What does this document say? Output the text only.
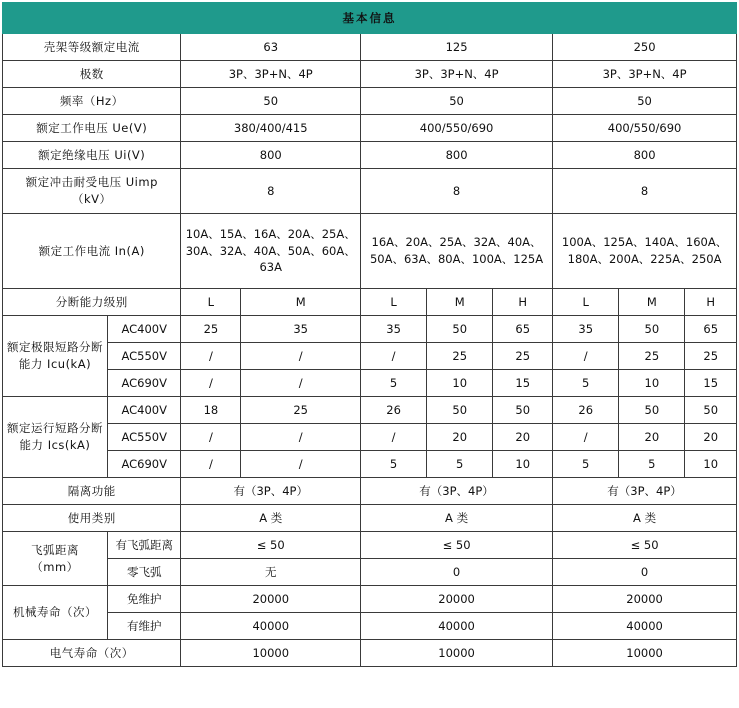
基本信息									
壳架等级额定电流		63		125			250		
极数		3P、3P+N、4P		3P、3P+N、4P			3P、3P+N、4P		
频率（Hz）		50		50			50		
额定工作电压 Ue(V)		380/400/415		400/550/690			400/550/690		
额定绝缘电压 Ui(V)		800		800			800		

额定冲击耐受电压 Uimp
（kV）		8		8			8		
额定工作电流 In(A)		10A、15A、16A、20A、25A、30A、32A、40A、50A、60A、63A		16A、20A、25A、32A、40A、50A、63A、80A、100A、125A			100A、125A、140A、160A、180A、200A、225A、250A		
分断能力级别		L	M	L	M	H	L	M	H
额定极限短路分断能力 Icu(kA)	AC400V	25	35	35	50	65	35	50	65
	AC550V	/	/	/	25	25	/	25	25
	AC690V	/	/	5	10	15	5	10	15
额定运行短路分断能力 Ics(kA)	AC400V	18	25	26	50	50	26	50	50
	AC550V	/	/	/	20	20	/	20	20
	AC690V	/	/	5	5	10	5	5	10
隔离功能		有（3P、4P）		有（3P、4P）			有（3P、4P）		
使用类别		A 类		A 类			A 类		

飞弧距离
（mm）	有飞弧距离	≤ 50		≤ 50			≤ 50		
	零飞弧	无		0			0		
机械寿命（次）	免维护	20000		20000			20000		
	有维护	40000		40000			40000		
电气寿命（次）		10000		10000			10000		
